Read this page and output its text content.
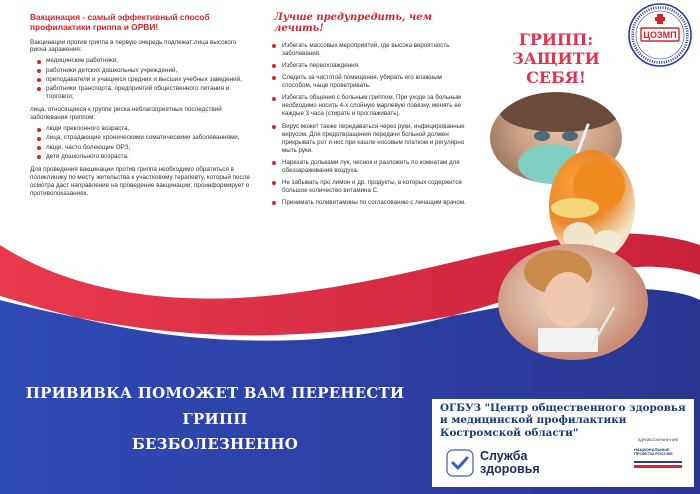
Вакцинация - самый эффективный способ профилактики гриппа и ОРВИ!
Вакцинации против гриппа в первую очередь подлежат:лица высокого риска заражения:
медицинские работники,
работники детских дошкольных учреждений,
преподаватели и учащиеся средних и высших учебных заведений,
работники транспорта, предприятий общественного питания и торговли;
лица, относящиеся к группе риска неблагоприятных последствий заболевания гриппом:
люди преклонного возраста,
лица, страдающие хроническими соматическими заболеваниями,
люди, часто болеющие ОРЗ,
дети дошкольного возраста.
Для проведения вакцинации против гриппа необходимо обратиться в поликлинику по месту жительства к участковому терапевту, который после осмотра даст направление на проведение вакцинации; проинформирует о противопоказаниях.
Лучше предупредить, чем лечить!
Избегать массовых мероприятий, где высока вероятность заболевания.
Избегать переохлаждения.
Следить за чистотой помещения, убирать его влажным способом, чаще проветривать.
Избегать общения с больным гриппом. При уходе за больным необходимо носить 4-х слойную марлевую повязку, менять ее каждые 3 часа (стирать и проглаживать).
Вирус может также передаваться через руки, инфицированные вирусом. Для предотвращения передачи больной должен прикрывать рот и нос при кашле носовым платком и регулярно мыть руки.
Нарезать дольками лук, чеснок и разложить по комнатам для обеззараживания воздуха.
Не забывать про лимон и др. продукты, в которых содержится большое количество витамина С.
Принимать поливитамины по согласованию с лечащим врачом.
ЦОЗМП
ГРИПП:
ЗАЩИТИ СЕБЯ!
ПРИВИВКА ПОМОЖЕТ ВАМ ПЕРЕНЕСТИ ГРИПП
БЕЗБОЛЕЗНЕННО
ОГБУЗ "Центр общественного здоровья и медицинской профилактики Костромской области"
Служба
здоровья
ЗДРАВООХРАНЕНИЕ
НАЦИОНАЛЬНЫЕ ПРОЕКТЫ РОССИИ
